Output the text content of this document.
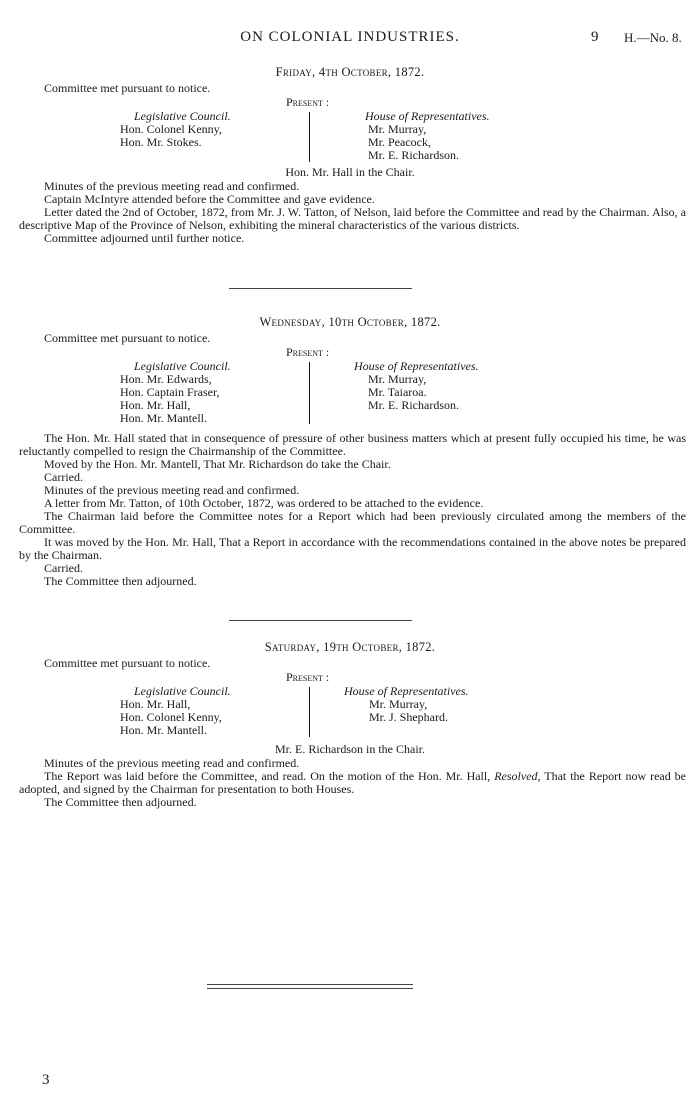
ON COLONIAL INDUSTRIES.	9 H.—No. 8.
Friday, 4th October, 1872.

Committee met pursuant to notice.

Present :
Legislative Council.
Hon. Colonel Kenny,
Hon. Mr. Stokes.
House of Representatives.
Mr. Murray,
Mr. Peacock,
Mr. E. Richardson.
Hon. Mr. Hall in the Chair.

Minutes of the previous meeting read and confirmed.

Captain McIntyre attended before the Committee and gave evidence.

Letter dated the 2nd of October, 1872, from Mr. J. W. Tatton, of Nelson, laid before the Committee and read by the Chairman. Also, a descriptive Map of the Province of Nelson, exhibiting the mineral characteristics of the various districts.

Committee adjourned until further notice.

Wednesday, 10th October, 1872.

Committee met pursuant to notice.

Present :
Legislative Council.
Hon. Mr. Edwards,
Hon. Captain Fraser,
Hon. Mr. Hall,
Hon. Mr. Mantell.
House of Representatives.
Mr. Murray,
Mr. Taiaroa.
Mr. E. Richardson.

The Hon. Mr. Hall stated that in consequence of pressure of other business matters which at present fully occupied his time, he was reluctantly compelled to resign the Chairmanship of the Committee.

Moved by the Hon. Mr. Mantell, That Mr. Richardson do take the Chair.

Carried.

Minutes of the previous meeting read and confirmed.

A letter from Mr. Tatton, of 10th October, 1872, was ordered to be attached to the evidence.

The Chairman laid before the Committee notes for a Report which had been previously circulated among the members of the Committee.

It was moved by the Hon. Mr. Hall, That a Report in accordance with the recommendations contained in the above notes be prepared by the Chairman.

Carried.

The Committee then adjourned.

Saturday, 19th October, 1872.

Committee met pursuant to notice.

Present :
Legislative Council.
Hon. Mr. Hall,
Hon. Colonel Kenny,
Hon. Mr. Mantell.
House of Representatives.
Mr. Murray,
Mr. J. Shephard.
Mr. E. Richardson in the Chair.

Minutes of the previous meeting read and confirmed.

The Report was laid before the Committee, and read. On the motion of the Hon. Mr. Hall, Resolved, That the Report now read be adopted, and signed by the Chairman for presentation to both Houses.

The Committee then adjourned.

3
